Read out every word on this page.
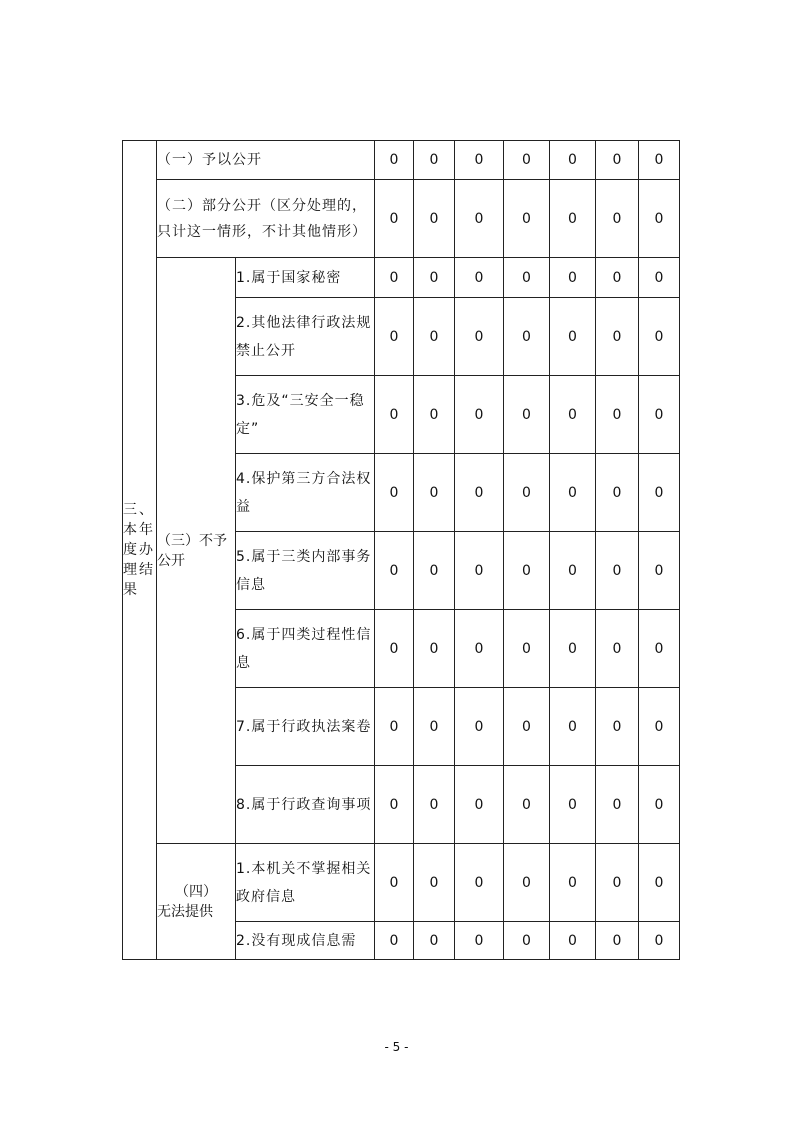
三、本年度办理结果	（一）予以公开		0	0	0	0	0	0	0
	（二）部分公开（区分处理的，只计这一情形，不计其他情形）		0	0	0	0	0	0	0
	（三）不予公开	1.属于国家秘密	0	0	0	0	0	0	0
		2.其他法律行政法规禁止公开	0	0	0	0	0	0	0
		3.危及“三安全一稳定”	0	0	0	0	0	0	0
		4.保护第三方合法权益	0	0	0	0	0	0	0
		5.属于三类内部事务信息	0	0	0	0	0	0	0
		6.属于四类过程性信息	0	0	0	0	0	0	0
		7.属于行政执法案卷	0	0	0	0	0	0	0
		8.属于行政查询事项	0	0	0	0	0	0	0

	（四）
无法提供	1.本机关不掌握相关政府信息	0	0	0	0	0	0	0

		2.没有现成信息需	0	0	0	0	0	0	0
- 5 -
